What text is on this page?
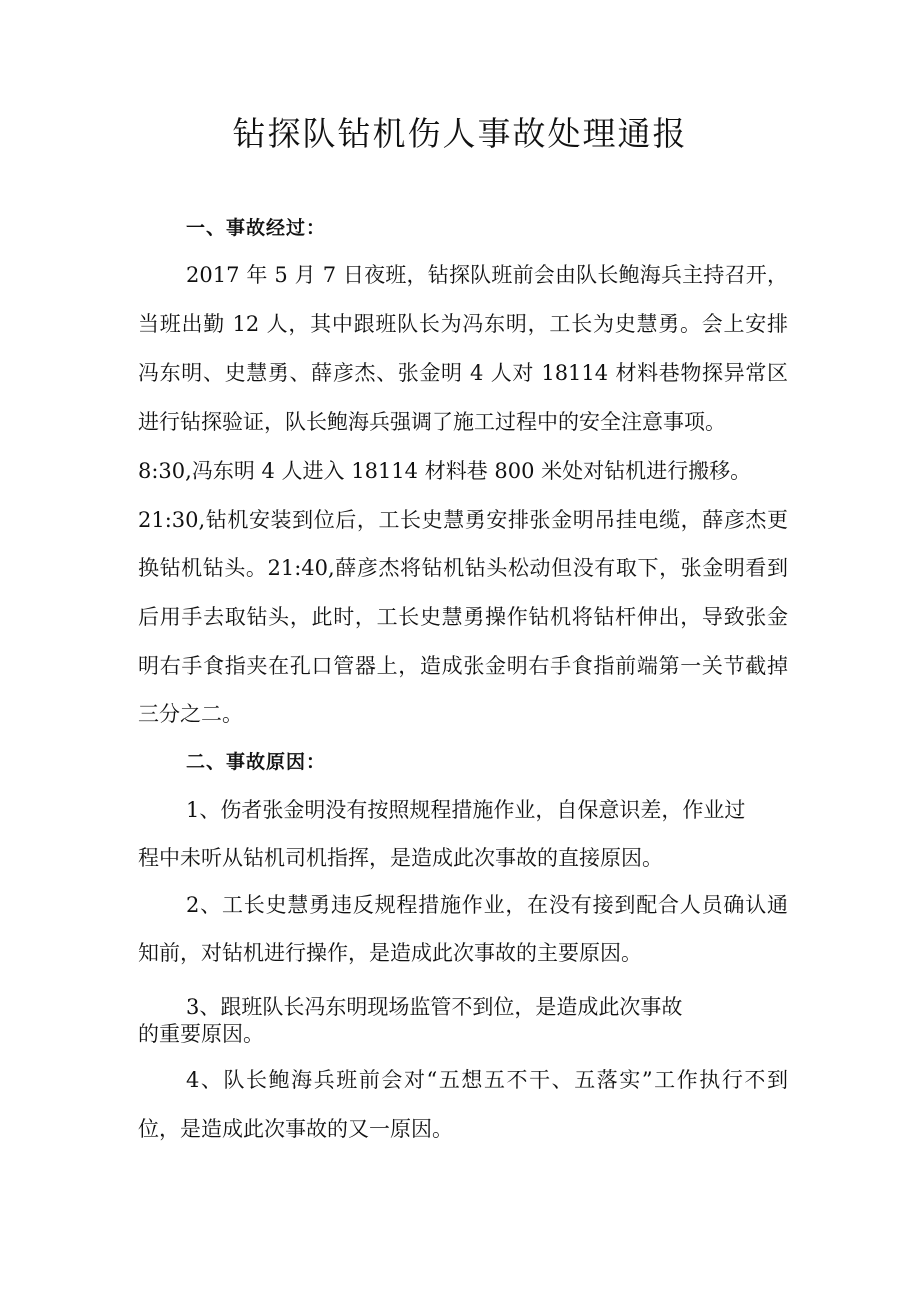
钻探队钻机伤人事故处理通报
一、事故经过：

2017 年 5 月 7 日夜班，钻探队班前会由队长鲍海兵主持召开，

当班出勤 12 人，其中跟班队长为冯东明，工长为史慧勇。会上安排

冯东明、史慧勇、薛彦杰、张金明 4 人对 18114 材料巷物探异常区

进行钻探验证，队长鲍海兵强调了施工过程中的安全注意事项。

8:30,冯东明 4 人进入 18114 材料巷 800 米处对钻机进行搬移。

21:30,钻机安装到位后，工长史慧勇安排张金明吊挂电缆，薛彦杰更

换钻机钻头。21:40,薛彦杰将钻机钻头松动但没有取下，张金明看到

后用手去取钻头，此时，工长史慧勇操作钻机将钻杆伸出，导致张金

明右手食指夹在孔口管器上，造成张金明右手食指前端第一关节截掉

三分之二。

二、事故原因：

1、伤者张金明没有按照规程措施作业，自保意识差，作业过

程中未听从钻机司机指挥，是造成此次事故的直接原因。

2、工长史慧勇违反规程措施作业，在没有接到配合人员确认通

知前，对钻机进行操作，是造成此次事故的主要原因。

3、跟班队长冯东明现场监管不到位，是造成此次事故

的重要原因。

4、队长鲍海兵班前会对“五想五不干、五落实”工作执行不到

位，是造成此次事故的又一原因。
